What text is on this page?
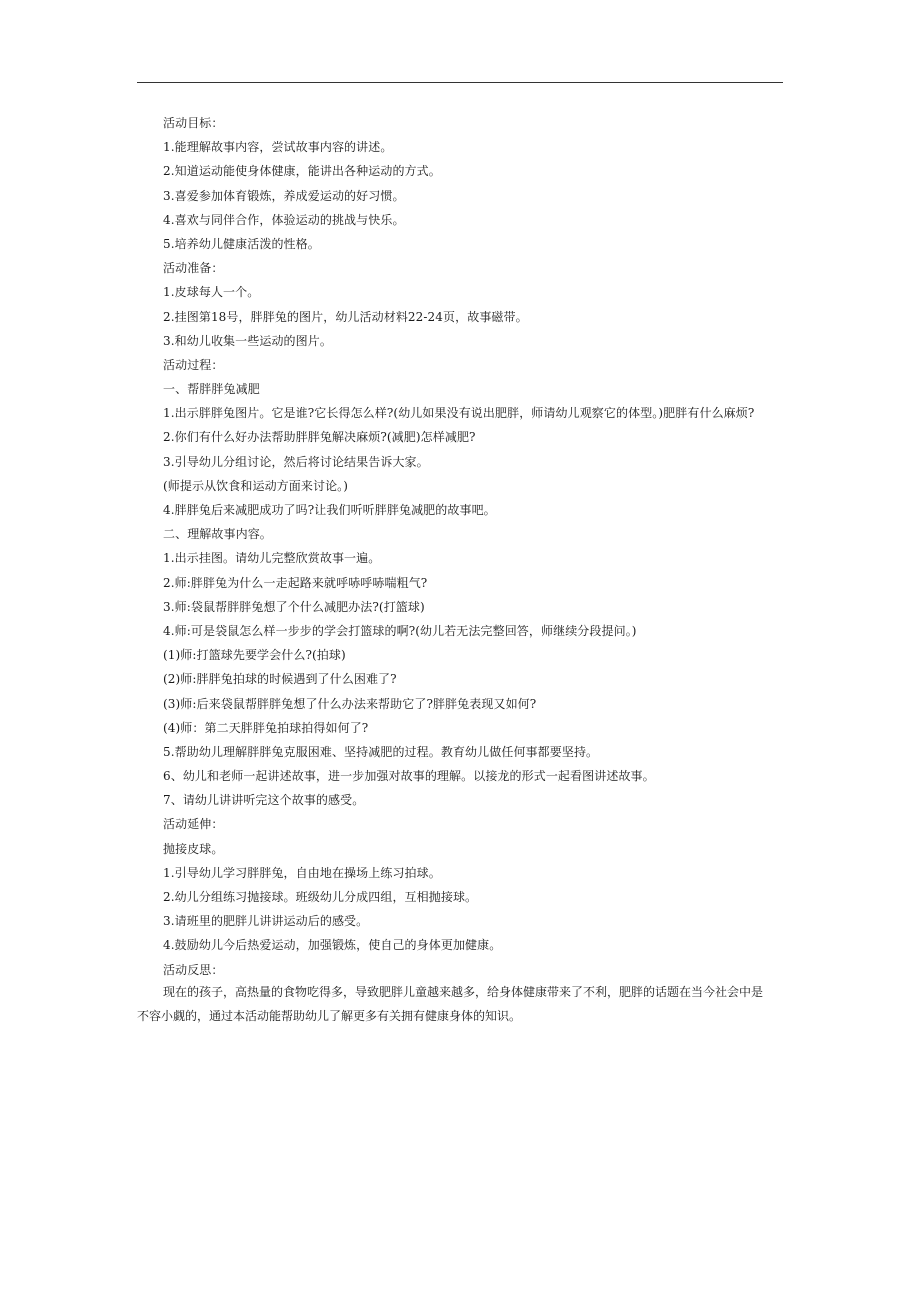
活动目标：
1.能理解故事内容，尝试故事内容的讲述。
2.知道运动能使身体健康，能讲出各种运动的方式。
3.喜爱参加体育锻炼，养成爱运动的好习惯。
4.喜欢与同伴合作，体验运动的挑战与快乐。
5.培养幼儿健康活泼的性格。
活动准备：
1.皮球每人一个。
2.挂图第18号，胖胖兔的图片，幼儿活动材料22-24页，故事磁带。
3.和幼儿收集一些运动的图片。
活动过程：
一、帮胖胖兔减肥
1.出示胖胖兔图片。它是谁?它长得怎么样?(幼儿如果没有说出肥胖，师请幼儿观察它的体型。)肥胖有什么麻烦?
2.你们有什么好办法帮助胖胖兔解决麻烦?(减肥)怎样减肥?
3.引导幼儿分组讨论，然后将讨论结果告诉大家。
(师提示从饮食和运动方面来讨论。)
4.胖胖兔后来减肥成功了吗?让我们听听胖胖兔减肥的故事吧。
二、理解故事内容。
1.出示挂图。请幼儿完整欣赏故事一遍。
2.师:胖胖兔为什么一走起路来就呼哧呼哧喘粗气?
3.师:袋鼠帮胖胖兔想了个什么减肥办法?(打篮球)
4.师:可是袋鼠怎么样一步步的学会打篮球的啊?(幼儿若无法完整回答，师继续分段提问。)
(1)师:打篮球先要学会什么?(拍球)
(2)师:胖胖兔拍球的时候遇到了什么困难了?
(3)师:后来袋鼠帮胖胖兔想了什么办法来帮助它了?胖胖兔表现又如何?
(4)师：第二天胖胖兔拍球拍得如何了?
5.帮助幼儿理解胖胖兔克服困难、坚持减肥的过程。教育幼儿做任何事都要坚持。
6、幼儿和老师一起讲述故事，进一步加强对故事的理解。以接龙的形式一起看图讲述故事。
7、请幼儿讲讲听完这个故事的感受。
活动延伸：
抛接皮球。
1.引导幼儿学习胖胖兔，自由地在操场上练习拍球。
2.幼儿分组练习抛接球。班级幼儿分成四组，互相抛接球。
3.请班里的肥胖儿讲讲运动后的感受。
4.鼓励幼儿今后热爱运动，加强锻炼，使自己的身体更加健康。
活动反思：
现在的孩子，高热量的食物吃得多，导致肥胖儿童越来越多，给身体健康带来了不利，肥胖的话题在当今社会中是
不容小觑的，通过本活动能帮助幼儿了解更多有关拥有健康身体的知识。
